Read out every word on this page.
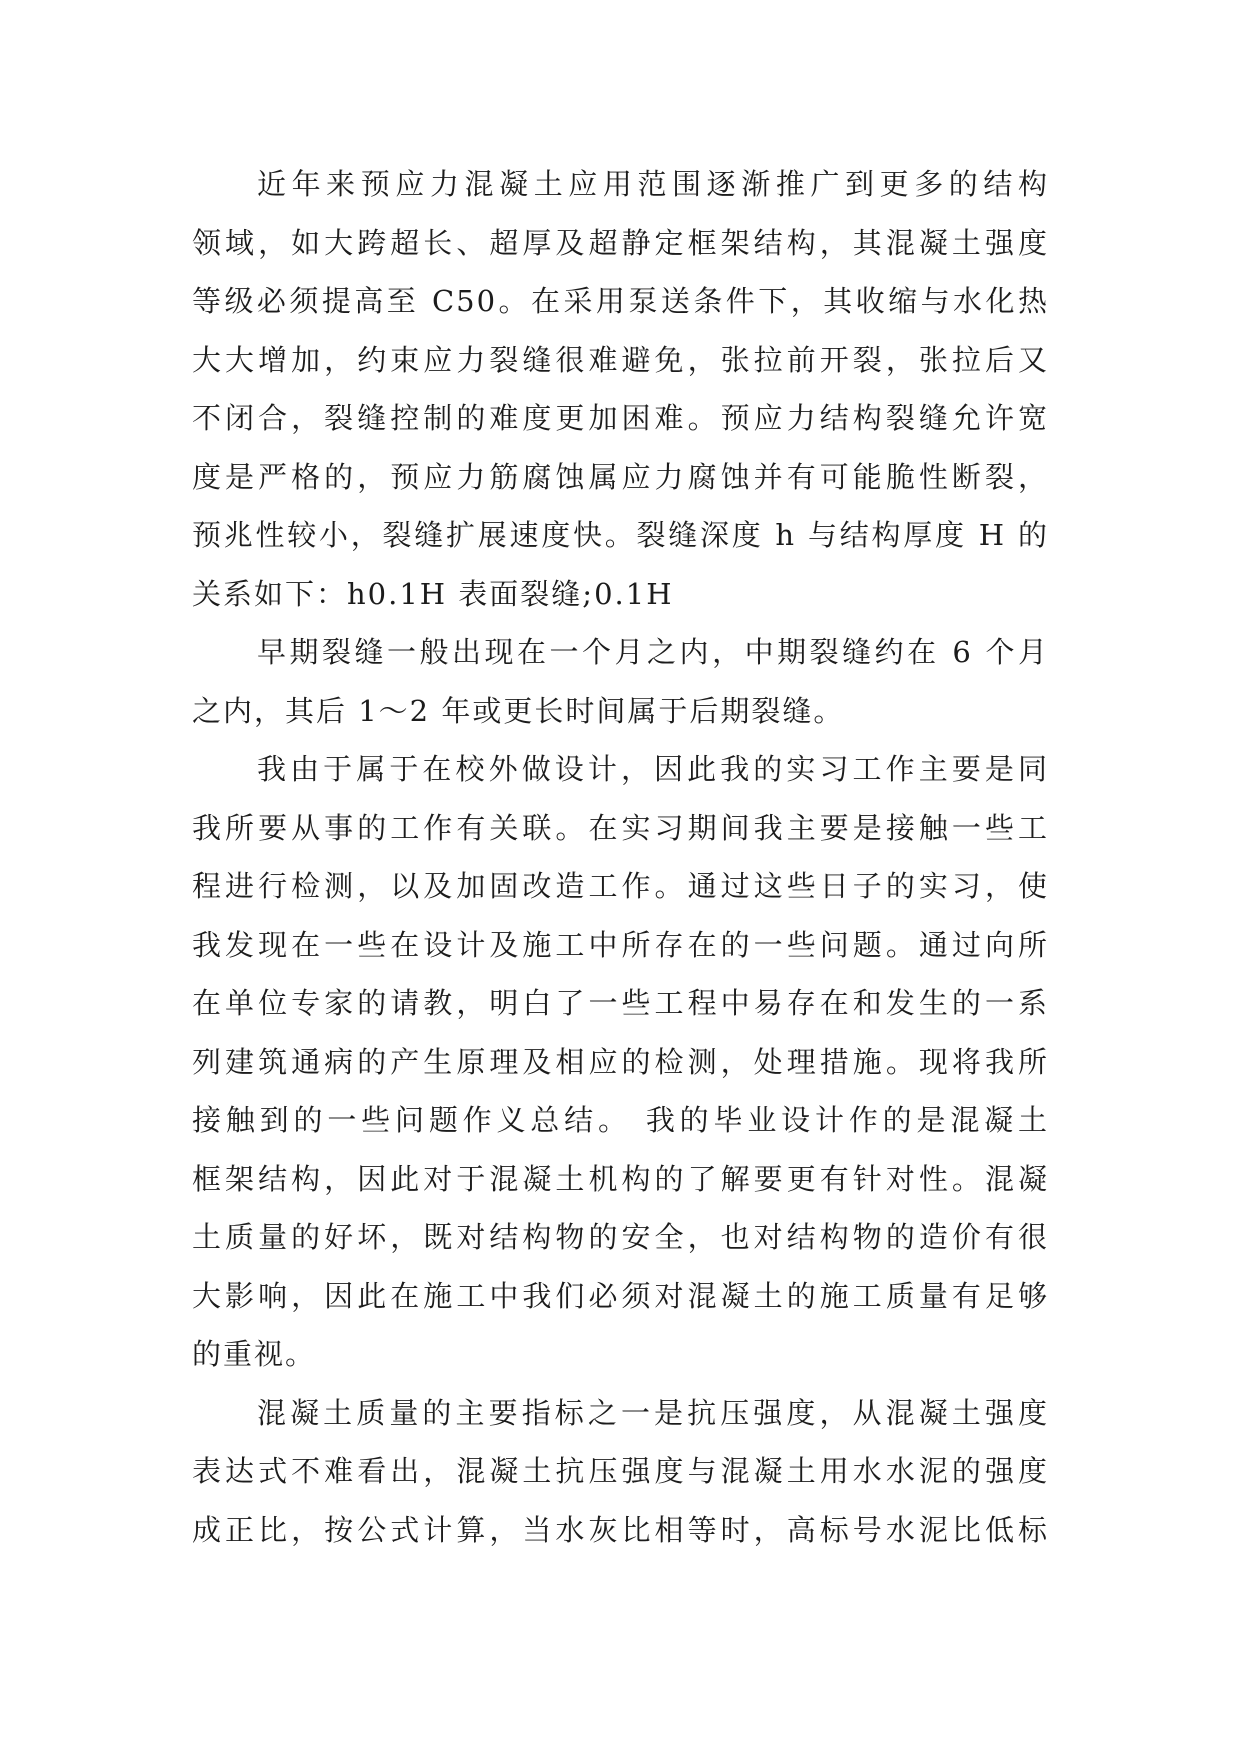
近年来预应力混凝土应用范围逐渐推广到更多的结构
领域，如大跨超长、超厚及超静定框架结构，其混凝土强度
等级必须提高至 C50。在采用泵送条件下，其收缩与水化热
大大增加，约束应力裂缝很难避免，张拉前开裂，张拉后又
不闭合，裂缝控制的难度更加困难。预应力结构裂缝允许宽
度是严格的，预应力筋腐蚀属应力腐蚀并有可能脆性断裂，
预兆性较小，裂缝扩展速度快。裂缝深度 h 与结构厚度 H 的
关系如下：h0.1H 表面裂缝;0.1H
早期裂缝一般出现在一个月之内，中期裂缝约在 6 个月
之内，其后 1～2 年或更长时间属于后期裂缝。
我由于属于在校外做设计，因此我的实习工作主要是同
我所要从事的工作有关联。在实习期间我主要是接触一些工
程进行检测，以及加固改造工作。通过这些日子的实习，使
我发现在一些在设计及施工中所存在的一些问题。通过向所
在单位专家的请教，明白了一些工程中易存在和发生的一系
列建筑通病的产生原理及相应的检测，处理措施。现将我所
接触到的一些问题作义总结。 我的毕业设计作的是混凝土
框架结构，因此对于混凝土机构的了解要更有针对性。混凝
土质量的好坏，既对结构物的安全，也对结构物的造价有很
大影响，因此在施工中我们必须对混凝土的施工质量有足够
的重视。
混凝土质量的主要指标之一是抗压强度，从混凝土强度
表达式不难看出，混凝土抗压强度与混凝土用水水泥的强度
成正比，按公式计算，当水灰比相等时，高标号水泥比低标
